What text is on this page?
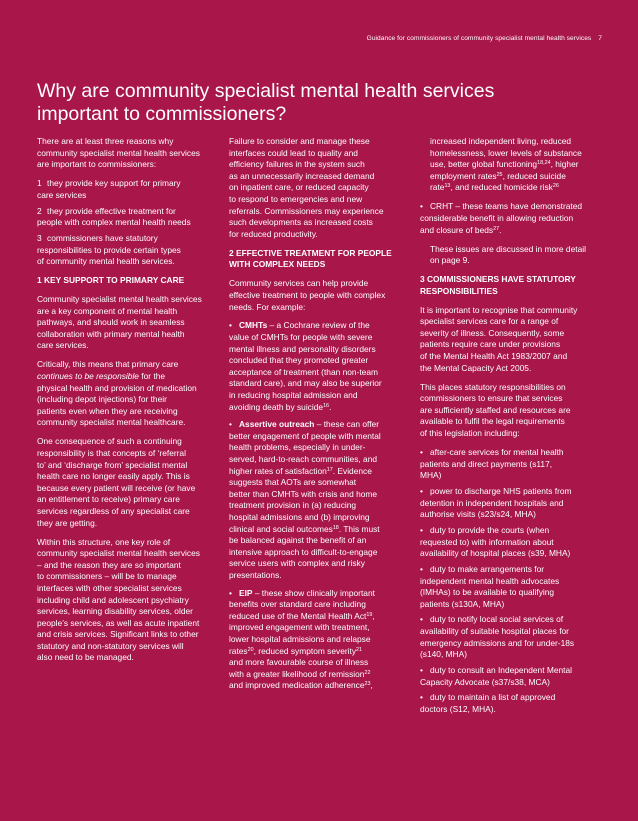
Guidance for commissioners of community specialist mental health services 7
Why are community specialist mental health services
important to commissioners?

There are at least three reasons why
community specialist mental health services
are important to commissioners:

1 they provide key support for primary
care services
2 they provide effective treatment for
people with complex mental health needs
3 commissioners have statutory
responsibilities to provide certain types
of community mental health services.
1 KEY SUPPORT TO PRIMARY CARE

Community specialist mental health services
are a key component of mental health
pathways, and should work in seamless
collaboration with primary mental health
care services.

Critically, this means that primary care
continues to be responsible for the
physical health and provision of medication
(including depot injections) for their
patients even when they are receiving
community specialist mental healthcare.

One consequence of such a continuing
responsibility is that concepts of ‘referral
to’ and ‘discharge from’ specialist mental
health care no longer easily apply. This is
because every patient will receive (or have
an entitlement to receive) primary care
services regardless of any specialist care
they are getting.

Within this structure, one key role of
community specialist mental health services
– and the reason they are so important
to commissioners – will be to manage
interfaces with other specialist services
including child and adolescent psychiatry
services, learning disability services, older
people’s services, as well as acute inpatient
and crisis services. Significant links to other
statutory and non-statutory services will
also need to be managed.

Failure to consider and manage these
interfaces could lead to quality and
efficiency failures in the system such
as an unnecessarily increased demand
on inpatient care, or reduced capacity
to respond to emergencies and new
referrals. Commissioners may experience
such developments as increased costs
for reduced productivity.

2 EFFECTIVE TREATMENT FOR PEOPLE
WITH COMPLEX NEEDS

Community services can help provide
effective treatment to people with complex
needs. For example:

• CMHTs – a Cochrane review of the
value of CMHTs for people with severe
mental illness and personality disorders
concluded that they promoted greater
acceptance of treatment (than non-team
standard care), and may also be superior
in reducing hospital admission and
avoiding death by suicide$^{16}$.
• Assertive outreach – these can offer
better engagement of people with mental
health problems, especially in under-
served, hard-to-reach communities, and
higher rates of satisfaction$^{17}$. Evidence
suggests that AOTs are somewhat
better than CMHTs with crisis and home
treatment provision in (a) reducing
hospital admissions and (b) improving
clinical and social outcomes$^{18}$. This must
be balanced against the benefit of an
intensive approach to difficult-to-engage
service users with complex and risky
presentations.
• EIP – these show clinically important
benefits over standard care including
reduced use of the Mental Health Act$^{19}$,
improved engagement with treatment,
lower hospital admissions and relapse
rates$^{20}$, reduced symptom severity$^{21}$
and more favourable course of illness
with a greater likelihood of remission$^{22}$
and improved medication adherence$^{23}$,

increased independent living, reduced
homelessness, lower levels of substance
use, better global functioning$^{18,24}$, higher
employment rates$^{25}$, reduced suicide
rate$^{13}$, and reduced homicide risk$^{26}$

• CRHT – these teams have demonstrated
considerable benefit in allowing reduction
and closure of beds$^{27}$.

These issues are discussed in more detail
on page 9.

3 COMMISSIONERS HAVE STATUTORY
RESPONSIBILITIES

It is important to recognise that community
specialist services care for a range of
severity of illness. Consequently, some
patients require care under provisions
of the Mental Health Act 1983/2007 and
the Mental Capacity Act 2005.

This places statutory responsibilities on
commissioners to ensure that services
are sufficiently staffed and resources are
available to fulfil the legal requirements
of this legislation including:

• after-care services for mental health
patients and direct payments (s117,
MHA)
• power to discharge NHS patients from
detention in independent hospitals and
authorise visits (s23/s24, MHA)
• duty to provide the courts (when
requested to) with information about
availability of hospital places (s39, MHA)
• duty to make arrangements for
independent mental health advocates
(IMHAs) to be available to qualifying
patients (s130A, MHA)
• duty to notify local social services of
availability of suitable hospital places for
emergency admissions and for under-18s
(s140, MHA)
• duty to consult an Independent Mental
Capacity Advocate (s37/s38, MCA)
• duty to maintain a list of approved
doctors (S12, MHA).
